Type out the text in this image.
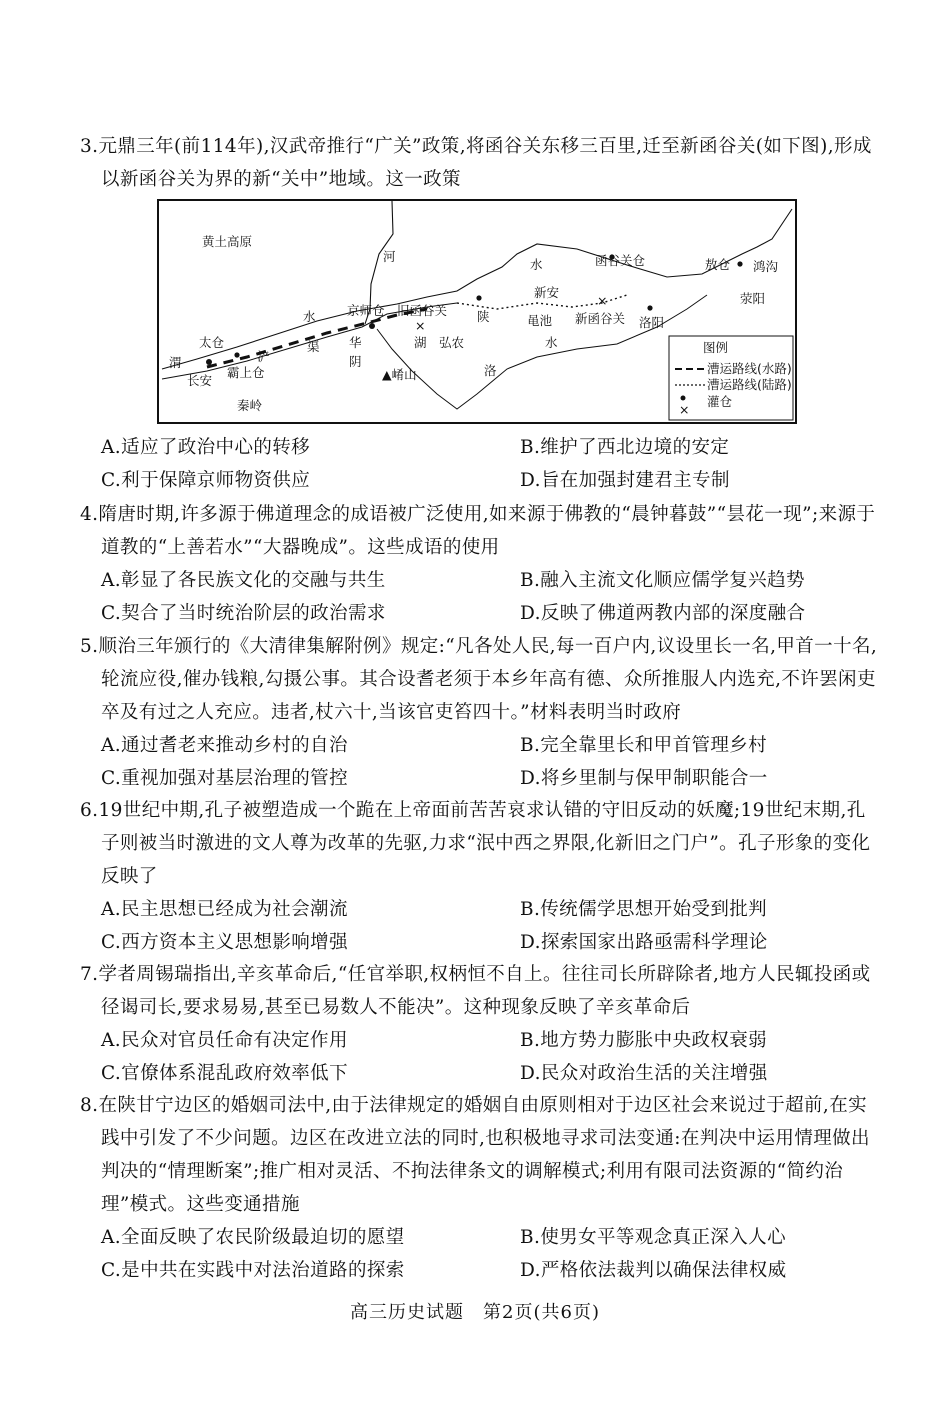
3.元鼎三年(前114年),汉武帝推行“广关”政策,将函谷关东移三百里,迁至新函谷关(如下图),形成以新函谷关为界的新“关中”地域。这一政策
×
×
黄土高原
河
水	函谷关仓	敖仓 鸿沟
新安	荥阳
水	京师仓 旧函谷关 陕	黾池 新函谷关 洛阳
太仓
渭
渠 华	湖 弘农	水
长安
霸上仓
浐	阴
▲崤山	洛
秦岭
图例
漕运路线(水路)
漕运路线(陆路)
×
灌仓
A.适应了政治中心的转移	B.维护了西北边境的安定
C.利于保障京师物资供应	D.旨在加强封建君主专制
4.隋唐时期,许多源于佛道理念的成语被广泛使用,如来源于佛教的“晨钟暮鼓”“昙花一现”;来源于道教的“上善若水”“大器晚成”。这些成语的使用
A.彰显了各民族文化的交融与共生	B.融入主流文化顺应儒学复兴趋势
C.契合了当时统治阶层的政治需求	D.反映了佛道两教内部的深度融合
5.顺治三年颁行的《大清律集解附例》规定:“凡各处人民,每一百户内,议设里长一名,甲首一十名,轮流应役,催办钱粮,勾摄公事。其合设耆老须于本乡年高有德、众所推服人内选充,不许罢闲吏卒及有过之人充应。违者,杖六十,当该官吏笞四十。”材料表明当时政府
A.通过耆老来推动乡村的自治	B.完全靠里长和甲首管理乡村
C.重视加强对基层治理的管控	D.将乡里制与保甲制职能合一
6.19世纪中期,孔子被塑造成一个跪在上帝面前苦苦哀求认错的守旧反动的妖魔;19世纪末期,孔子则被当时激进的文人尊为改革的先驱,力求“泯中西之界限,化新旧之门户”。孔子形象的变化反映了
A.民主思想已经成为社会潮流	B.传统儒学思想开始受到批判
C.西方资本主义思想影响增强	D.探索国家出路亟需科学理论
7.学者周锡瑞指出,辛亥革命后,“任官举职,权柄恒不自上。往往司长所辟除者,地方人民辄投函或径谒司长,要求易易,甚至已易数人不能决”。这种现象反映了辛亥革命后
A.民众对官员任命有决定作用	B.地方势力膨胀中央政权衰弱
C.官僚体系混乱政府效率低下	D.民众对政治生活的关注增强
8.在陕甘宁边区的婚姻司法中,由于法律规定的婚姻自由原则相对于边区社会来说过于超前,在实践中引发了不少问题。边区在改进立法的同时,也积极地寻求司法变通:在判决中运用情理做出判决的“情理断案”;推广相对灵活、不拘法律条文的调解模式;利用有限司法资源的“简约治理”模式。这些变通措施
A.全面反映了农民阶级最迫切的愿望	B.使男女平等观念真正深入人心
C.是中共在实践中对法治道路的探索	D.严格依法裁判以确保法律权威
高三历史试题　第2页(共6页)
